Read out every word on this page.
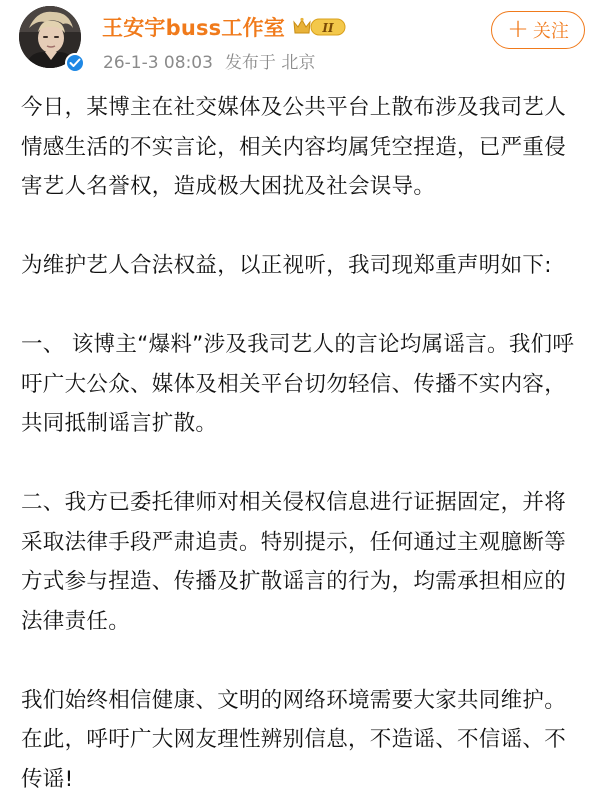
王安宇buss工作室	II
26-1-3 08:03 发布于 北京
+ 关注

今日，某博主在社交媒体及公共平台上散布涉及我司艺人情感生活的不实言论，相关内容均属凭空捏造，已严重侵害艺人名誉权，造成极大困扰及社会误导。

为维护艺人合法权益，以正视听，我司现郑重声明如下:

一、 该博主“爆料”涉及我司艺人的言论均属谣言。我们呼吁广大公众、媒体及相关平台切勿轻信、传播不实内容，共同抵制谣言扩散。

二、我方已委托律师对相关侵权信息进行证据固定，并将采取法律手段严肃追责。特别提示，任何通过主观臆断等方式参与捏造、传播及扩散谣言的行为，均需承担相应的法律责任。

我们始终相信健康、文明的网络环境需要大家共同维护。在此，呼吁广大网友理性辨别信息，不造谣、不信谣、不传谣!
